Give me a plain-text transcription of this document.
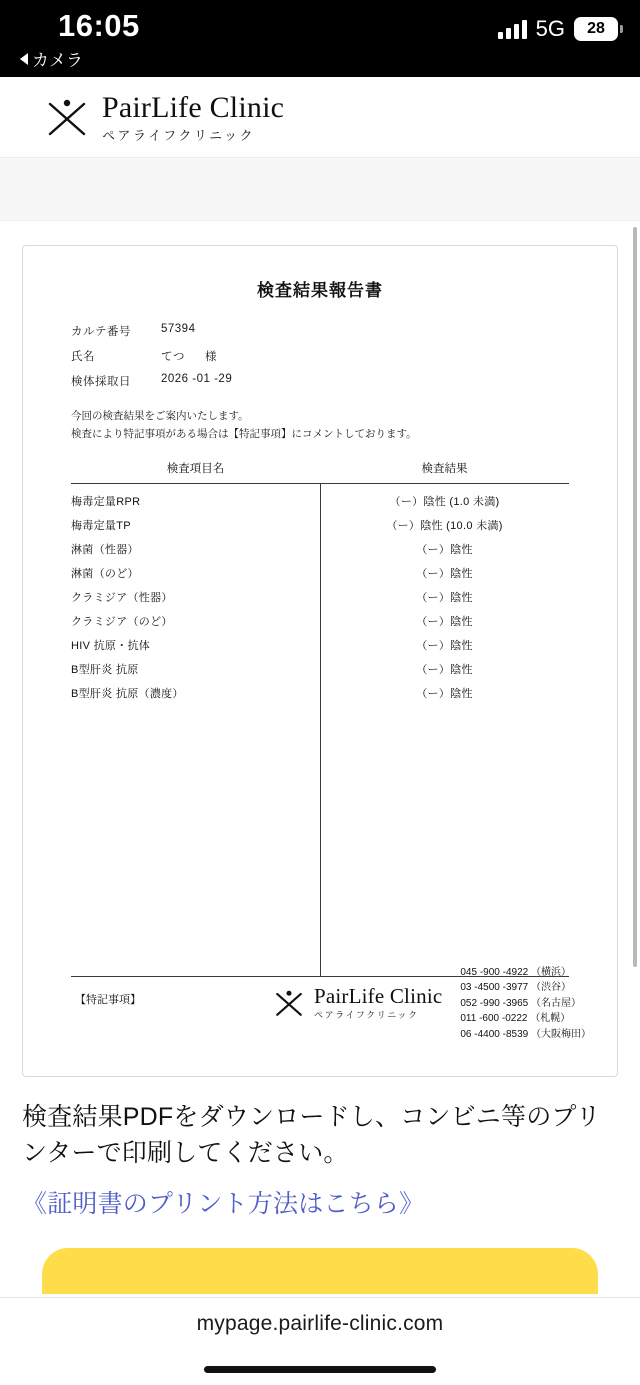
16:05
カメラ
5G 28
PairLife Clinic
ペアライフクリニック
検査結果報告書
カルテ番号	57394
氏名	てつ 様
検体採取日	2026 -01 -29
今回の検査結果をご案内いたします。
検査により特記事項がある場合は【特記事項】にコメントしております。
検査項目名	検査結果
梅毒定量RPR	（ー）陰性 (1.0 未満)
梅毒定量TP	（ー）陰性 (10.0 未満)
淋菌（性器）	（ー）陰性
淋菌（のど）	（ー）陰性
クラミジア（性器）	（ー）陰性
クラミジア（のど）	（ー）陰性
HIV 抗原・抗体	（ー）陰性
B型肝炎 抗原	（ー）陰性
B型肝炎 抗原（濃度）	（ー）陰性
【特記事項】	PairLife Clinic
ペアライフクリニック
045 -900 -4922 （横浜）
03 -4500 -3977 （渋谷）
052 -990 -3965 （名古屋）
011 -600 -0222 （札幌）
06 -4400 -8539 （大阪梅田）
検査結果PDFをダウンロードし、コンビニ等のプリンターで印刷してください。
《証明書のプリント方法はこちら》
mypage.pairlife-clinic.com
